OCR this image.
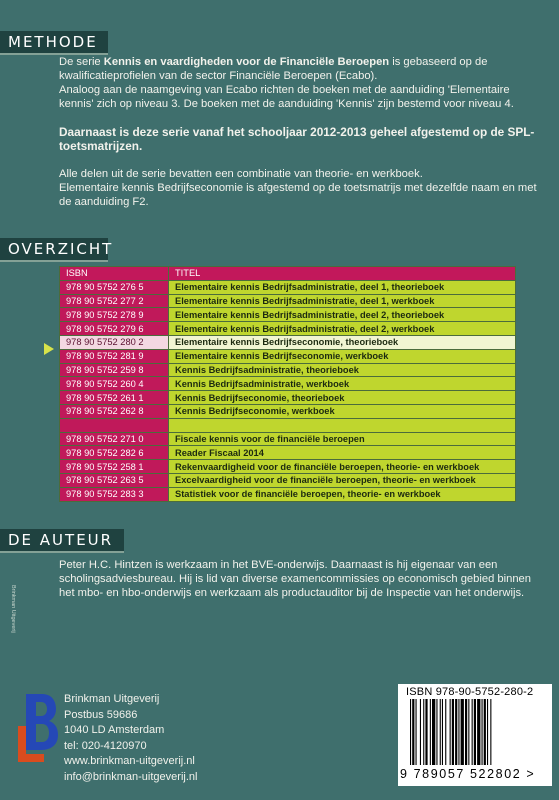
METHODE

De serie Kennis en vaardigheden voor de Financiële Beroepen is gebaseerd op de kwalificatieprofielen van de sector Financiële Beroepen (Ecabo).

Analoog aan de naamgeving van Ecabo richten de boeken met de aanduiding 'Elementaire kennis' zich op niveau 3. De boeken met de aanduiding 'Kennis' zijn bestemd voor niveau 4.

Daarnaast is deze serie vanaf het schooljaar 2012-2013 geheel afgestemd op de SPL-toetsmatrijzen.

Alle delen uit de serie bevatten een combinatie van theorie- en werkboek.

Elementaire kennis Bedrijfseconomie is afgestemd op de toetsmatrijs met dezelfde naam en met de aanduiding F2.

OVERZICHT
ISBN	TITEL
978 90 5752 276 5	Elementaire kennis Bedrijfsadministratie, deel 1, theorieboek
978 90 5752 277 2	Elementaire kennis Bedrijfsadministratie, deel 1, werkboek
978 90 5752 278 9	Elementaire kennis Bedrijfsadministratie, deel 2, theorieboek
978 90 5752 279 6	Elementaire kennis Bedrijfsadministratie, deel 2, werkboek
978 90 5752 280 2	Elementaire kennis Bedrijfseconomie, theorieboek
978 90 5752 281 9	Elementaire kennis Bedrijfseconomie, werkboek
978 90 5752 259 8	Kennis Bedrijfsadministratie, theorieboek
978 90 5752 260 4	Kennis Bedrijfsadministratie, werkboek
978 90 5752 261 1	Kennis Bedrijfseconomie, theorieboek
978 90 5752 262 8	Kennis Bedrijfseconomie, werkboek

978 90 5752 271 0	Fiscale kennis voor de financiële beroepen
978 90 5752 282 6	Reader Fiscaal 2014
978 90 5752 258 1	Rekenvaardigheid voor de financiële beroepen, theorie- en werkboek
978 90 5752 263 5	Excelvaardigheid voor de financiële beroepen, theorie- en werkboek
978 90 5752 283 3	Statistiek voor de financiële beroepen, theorie- en werkboek
DE AUTEUR
Peter H.C. Hintzen is werkzaam in het BVE-onderwijs. Daarnaast is hij eigenaar van een scholingsadviesbureau. Hij is lid van diverse examencommissies op economisch gebied binnen het mbo- en hbo-onderwijs en werkzaam als productauditor bij de Inspectie van het onderwijs.
Brinkman Uitgeverij
Brinkman Uitgeverij
Postbus 59686
1040 LD Amsterdam
tel: 020-4120970
www.brinkman-uitgeverij.nl
info@brinkman-uitgeverij.nl
ISBN 978-90-5752-280-2
9 789057 522802 >
